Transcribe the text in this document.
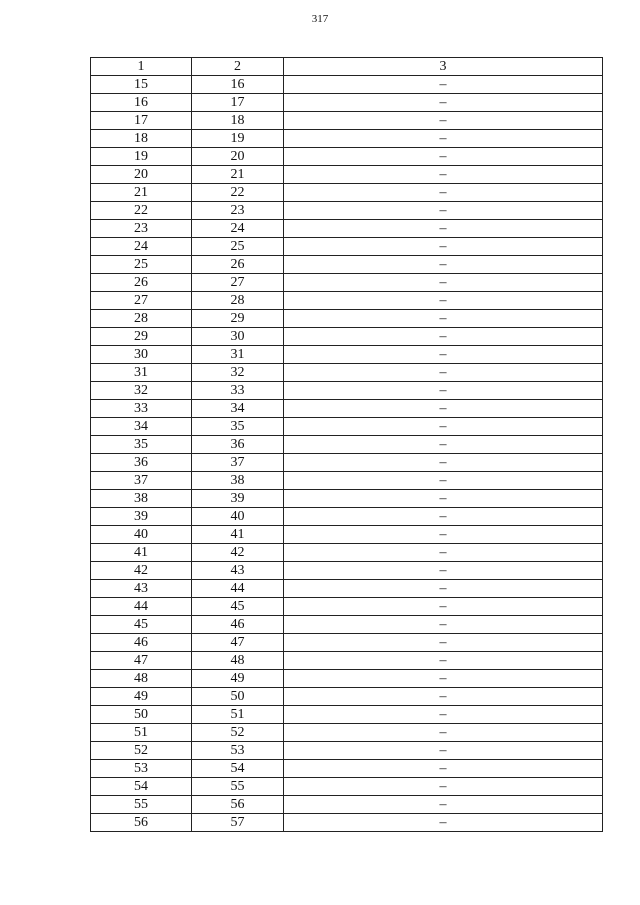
317
1	2	3
15	16	–
16	17	–
17	18	–
18	19	–
19	20	–
20	21	–
21	22	–
22	23	–
23	24	–
24	25	–
25	26	–
26	27	–
27	28	–
28	29	–
29	30	–
30	31	–
31	32	–
32	33	–
33	34	–
34	35	–
35	36	–
36	37	–
37	38	–
38	39	–
39	40	–
40	41	–
41	42	–
42	43	–
43	44	–
44	45	–
45	46	–
46	47	–
47	48	–
48	49	–
49	50	–
50	51	–
51	52	–
52	53	–
53	54	–
54	55	–
55	56	–
56	57	–
